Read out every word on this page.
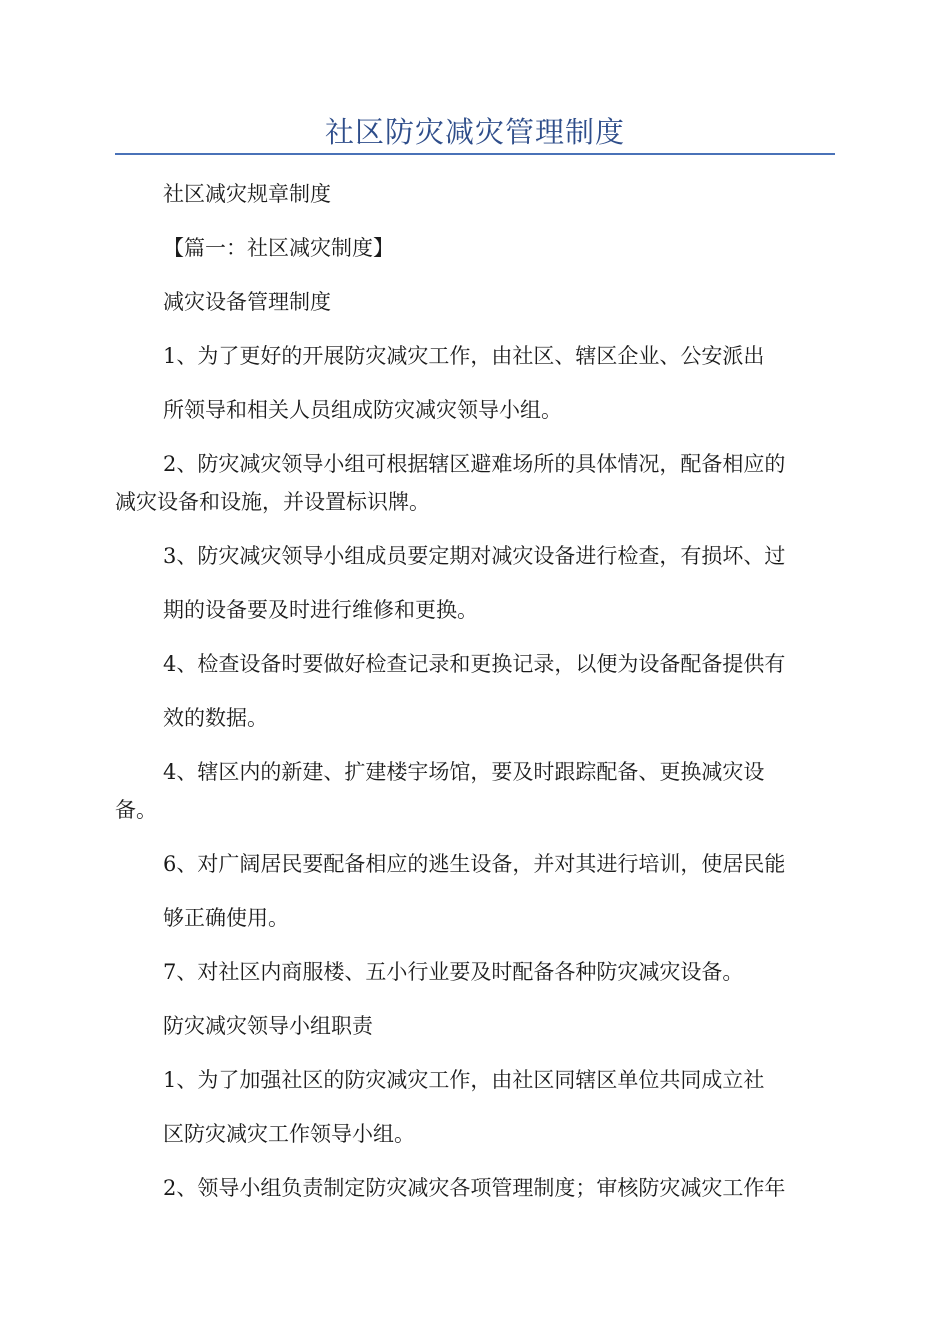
社区防灾减灾管理制度
社区减灾规章制度
【篇一：社区减灾制度】
减灾设备管理制度
1、为了更好的开展防灾减灾工作，由社区、辖区企业、公安派出
所领导和相关人员组成防灾减灾领导小组。
2、防灾减灾领导小组可根据辖区避难场所的具体情况，配备相应的
减灾设备和设施，并设置标识牌。
3、防灾减灾领导小组成员要定期对减灾设备进行检查，有损坏、过
期的设备要及时进行维修和更换。
4、检查设备时要做好检查记录和更换记录，以便为设备配备提供有
效的数据。
4、辖区内的新建、扩建楼宇场馆，要及时跟踪配备、更换减灾设
备。
6、对广阔居民要配备相应的逃生设备，并对其进行培训，使居民能
够正确使用。
7、对社区内商服楼、五小行业要及时配备各种防灾减灾设备。
防灾减灾领导小组职责
1、为了加强社区的防灾减灾工作，由社区同辖区单位共同成立社
区防灾减灾工作领导小组。
2、领导小组负责制定防灾减灾各项管理制度；审核防灾减灾工作年
